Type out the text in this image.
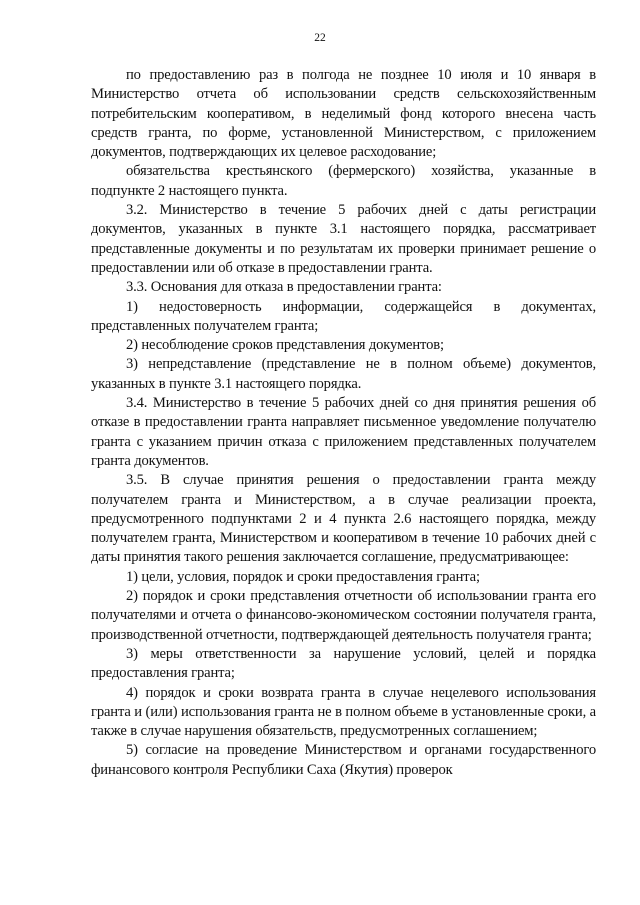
22

по предоставлению раз в полгода не позднее 10 июля и 10 января в Министерство отчета об использовании средств сельскохозяйственным потребительским кооперативом, в неделимый фонд которого внесена часть средств гранта, по форме, установленной Министерством, с приложением документов, подтверждающих их целевое расходование;

обязательства крестьянского (фермерского) хозяйства, указанные в подпункте 2 настоящего пункта.

3.2. Министерство в течение 5 рабочих дней с даты регистрации документов, указанных в пункте 3.1 настоящего порядка, рассматривает представленные документы и по результатам их проверки принимает решение о предоставлении или об отказе в предоставлении гранта.

3.3. Основания для отказа в предоставлении гранта:

1) недостоверность информации, содержащейся в документах, представленных получателем гранта;

2) несоблюдение сроков представления документов;

3) непредставление (представление не в полном объеме) документов, указанных в пункте 3.1 настоящего порядка.

3.4. Министерство в течение 5 рабочих дней со дня принятия решения об отказе в предоставлении гранта направляет письменное уведомление получателю гранта с указанием причин отказа с приложением представленных получателем гранта документов.

3.5. В случае принятия решения о предоставлении гранта между получателем гранта и Министерством, а в случае реализации проекта, предусмотренного подпунктами 2 и 4 пункта 2.6 настоящего порядка, между получателем гранта, Министерством и кооперативом в течение 10 рабочих дней с даты принятия такого решения заключается соглашение, предусматривающее:

1) цели, условия, порядок и сроки предоставления гранта;

2) порядок и сроки представления отчетности об использовании гранта его получателями и отчета о финансово-экономическом состоянии получателя гранта, производственной отчетности, подтверждающей деятельность получателя гранта;

3) меры ответственности за нарушение условий, целей и порядка предоставления гранта;

4) порядок и сроки возврата гранта в случае нецелевого использования гранта и (или) использования гранта не в полном объеме в установленные сроки, а также в случае нарушения обязательств, предусмотренных соглашением;

5) согласие на проведение Министерством и органами государственного финансового контроля Республики Саха (Якутия) проверок
